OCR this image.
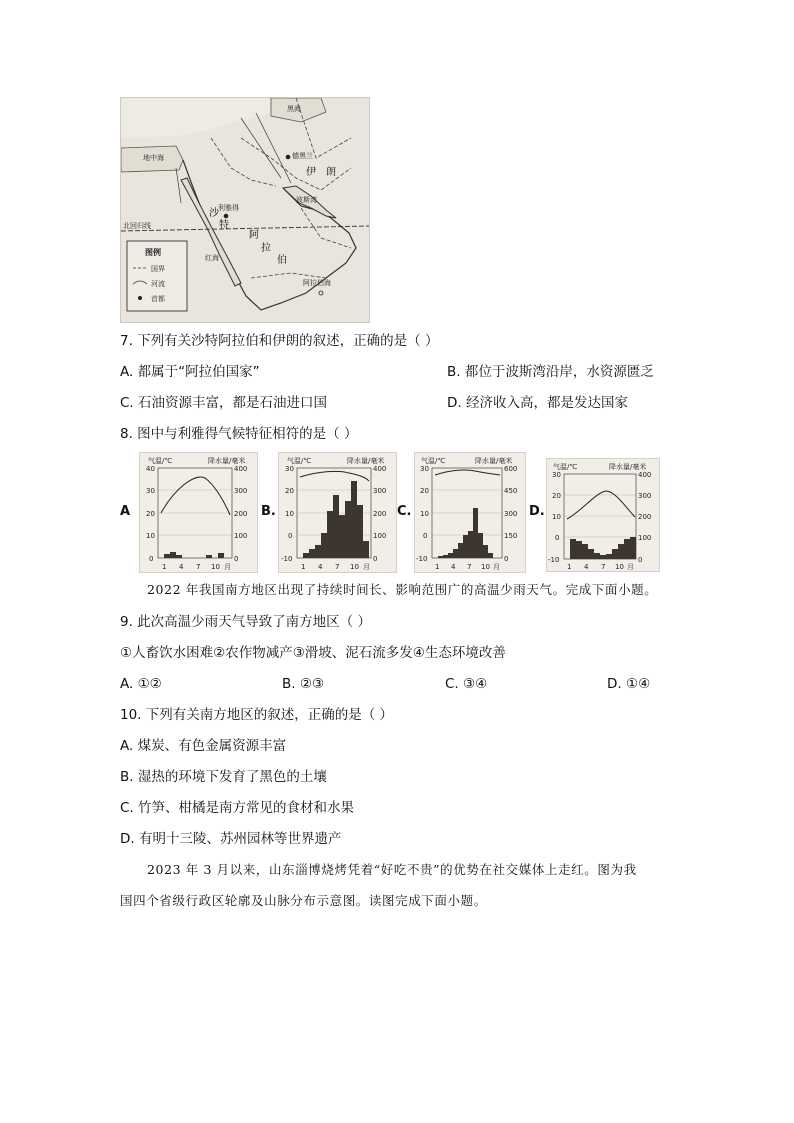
黑海
地中海	德黑兰
伊 朗
利雅得
沙
特
阿
拉
伯
北回归线
红海
阿拉伯海
波斯湾
图例
国界
河流
首都
7. 下列有关沙特阿拉伯和伊朗的叙述，正确的是（ ）
A. 都属于“阿拉伯国家”	B. 都位于波斯湾沿岸，水资源匮乏
C. 石油资源丰富，都是石油进口国	D. 经济收入高，都是发达国家
8. 图中与利雅得气候特征相符的是（ ）
A	B.	C.	D.
气温/℃	降水量/毫米
40
30
20
10
0
400
300
200
100
0
1 4 7 10 月
气温/℃	降水量/毫米
30
20
10
0
-10
400
300
200
100
0
1 4 7 10 月
气温/℃	降水量/毫米
30
20
10
0
-10
600
450
300
150
0
1 4 7 10 月
气温/℃	降水量/毫米
30
20
10
0
-10
400
300
200
100
0
1 4 7 10 月
2022 年我国南方地区出现了持续时间长、影响范围广的高温少雨天气。完成下面小题。
9. 此次高温少雨天气导致了南方地区（ ）
①人畜饮水困难②农作物减产③滑坡、泥石流多发④生态环境改善
A. ①②	B. ②③	C. ③④	D. ①④
10. 下列有关南方地区的叙述，正确的是（ ）
A. 煤炭、有色金属资源丰富
B. 湿热的环境下发育了黑色的土壤
C. 竹笋、柑橘是南方常见的食材和水果
D. 有明十三陵、苏州园林等世界遗产
2023 年 3 月以来，山东淄博烧烤凭着“好吃不贵”的优势在社交媒体上走红。图为我
国四个省级行政区轮廓及山脉分布示意图。读图完成下面小题。
